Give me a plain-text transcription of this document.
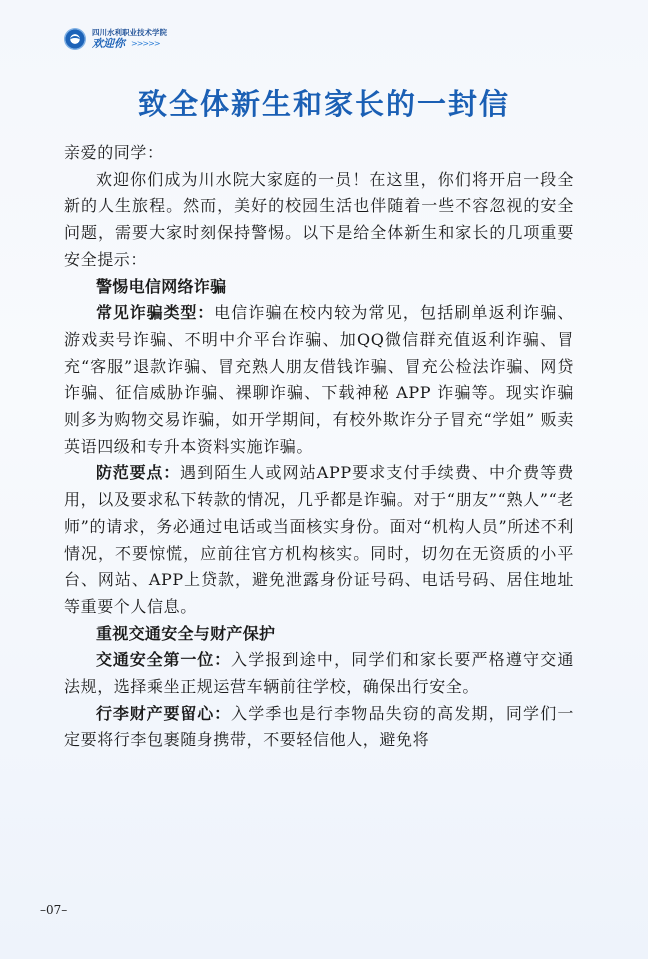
四川水利职业技术学院
欢迎你 >>>>>
致全体新生和家长的一封信

亲爱的同学：

欢迎你们成为川水院大家庭的一员！在这里，你们将开启一段全新的人生旅程。然而，美好的校园生活也伴随着一些不容忽视的安全问题，需要大家时刻保持警惕。以下是给全体新生和家长的几项重要安全提示：

警惕电信网络诈骗

常见诈骗类型：电信诈骗在校内较为常见，包括刷单返利诈骗、游戏卖号诈骗、不明中介平台诈骗、加QQ微信群充值返利诈骗、冒充“客服”退款诈骗、冒充熟人朋友借钱诈骗、冒充公检法诈骗、网贷诈骗、征信威胁诈骗、裸聊诈骗、下载神秘 APP 诈骗等。现实诈骗则多为购物交易诈骗，如开学期间，有校外欺诈分子冒充“学姐” 贩卖英语四级和专升本资料实施诈骗。

防范要点：遇到陌生人或网站APP要求支付手续费、中介费等费用，以及要求私下转款的情况，几乎都是诈骗。对于“朋友”“熟人”“老师”的请求，务必通过电话或当面核实身份。面对“机构人员”所述不利情况，不要惊慌，应前往官方机构核实。同时，切勿在无资质的小平台、网站、APP上贷款，避免泄露身份证号码、电话号码、居住地址等重要个人信息。

重视交通安全与财产保护

交通安全第一位：入学报到途中，同学们和家长要严格遵守交通法规，选择乘坐正规运营车辆前往学校，确保出行安全。

行李财产要留心：入学季也是行李物品失窃的高发期，同学们一定要将行李包裹随身携带，不要轻信他人，避免将

–07–
